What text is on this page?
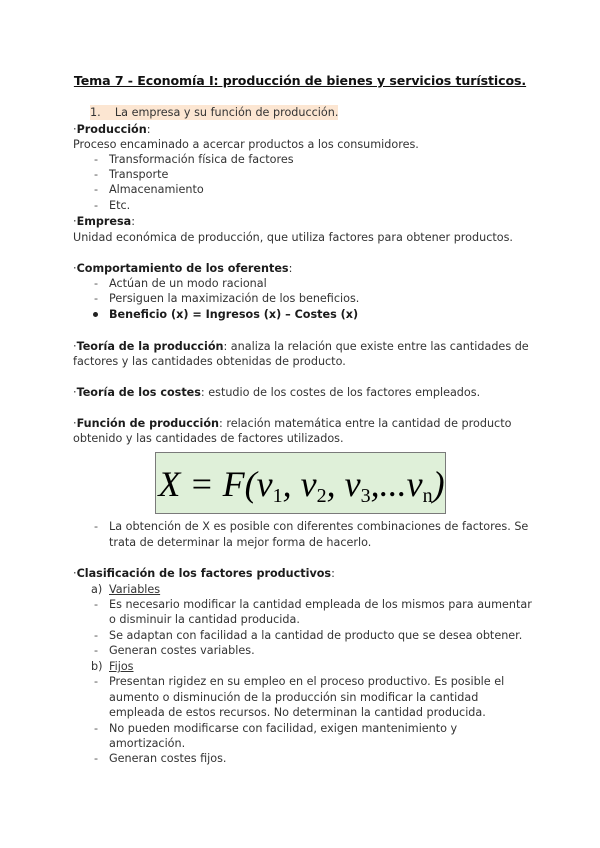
Tema 7 - Economía I: producción de bienes y servicios turísticos.
1. La empresa y su función de producción.
·Producción:
Proceso encaminado a acercar productos a los consumidores.
- Transformación física de factores
- Transporte
- Almacenamiento
- Etc.
·Empresa:
Unidad económica de producción, que utiliza factores para obtener productos.
·Comportamiento de los oferentes:
- Actúan de un modo racional
- Persiguen la maximización de los beneficios.
Beneficio (x) = Ingresos (x) – Costes (x)
·Teoría de la producción: analiza la relación que existe entre las cantidades de
factores y las cantidades obtenidas de producto.
·Teoría de los costes: estudio de los costes de los factores empleados.
·Función de producción: relación matemática entre la cantidad de producto
obtenido y las cantidades de factores utilizados.
$X = F(v_1$, $v_2$, $v_3,...v_n$)
- La obtención de X es posible con diferentes combinaciones de factores. Se
trata de determinar la mejor forma de hacerlo.
·Clasificación de los factores productivos:
a) Variables
- Es necesario modificar la cantidad empleada de los mismos para aumentar
o disminuir la cantidad producida.
- Se adaptan con facilidad a la cantidad de producto que se desea obtener.
- Generan costes variables.
b) Fijos
- Presentan rigidez en su empleo en el proceso productivo. Es posible el
aumento o disminución de la producción sin modificar la cantidad
empleada de estos recursos. No determinan la cantidad producida.
- No pueden modificarse con facilidad, exigen mantenimiento y
amortización.
- Generan costes fijos.
